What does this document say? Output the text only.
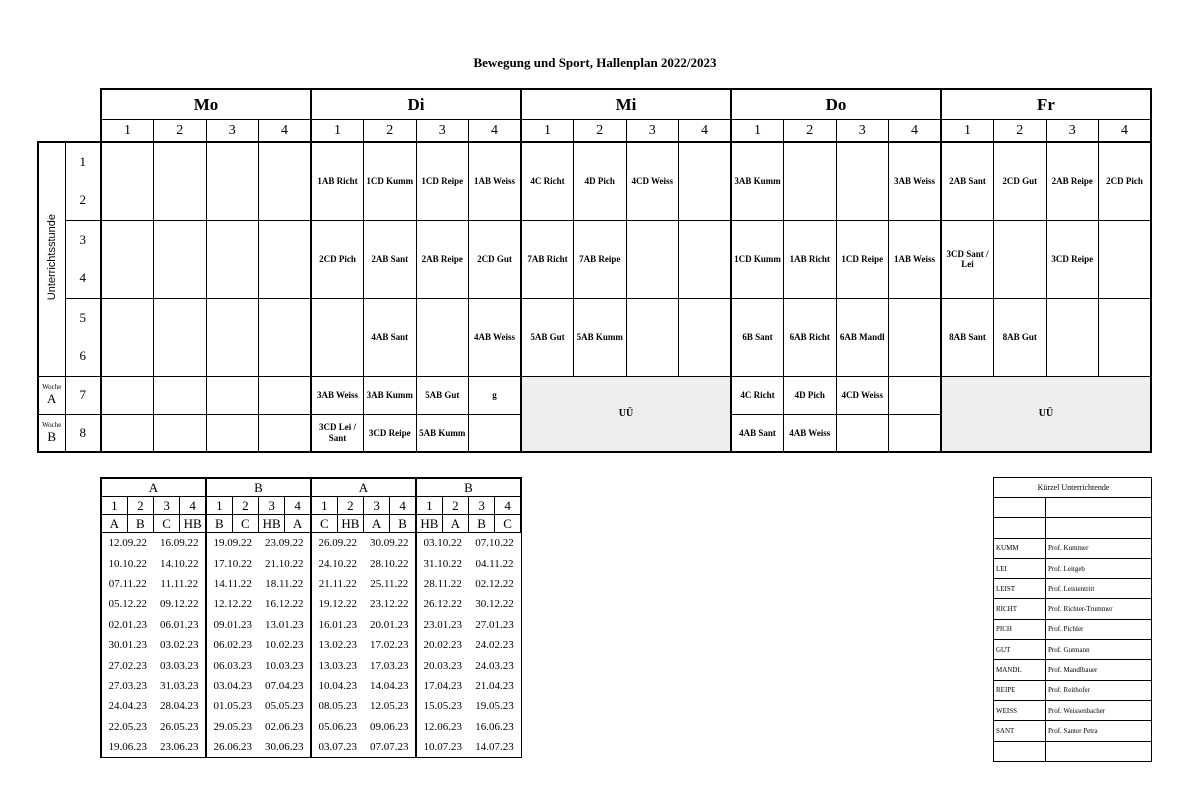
Bewegung und Sport, Hallenplan 2022/2023
		Mo				Di				Mi				Do				Fr			
		1	2	3	4	1	2	3	4	1	2	3	4	1	2	3	4	1	2	3	4
Unterrichtsstunde	1					1AB Richt	1CD Kumm	1CD Reipe	1AB Weiss	4C Richt	4D Pich	4CD Weiss		3AB Kumm			3AB Weiss	2AB Sant	2CD Gut	2AB Reipe	2CD Pich
	2																				
	3					2CD Pich	2AB Sant	2AB Reipe	2CD Gut	7AB Richt	7AB Reipe			1CD Kumm	1AB Richt	1CD Reipe	1AB Weiss	3CD Sant / Lei		3CD Reipe	
	4																				
	5						4AB Sant		4AB Weiss	5AB Gut	5AB Kumm			6B Sant	6AB Richt	6AB Mandl		8AB Sant	8AB Gut		
	6																				
Woche A	7					3AB Weiss	3AB Kumm	5AB Gut	g	UÜ				4C Richt	4D Pich	4CD Weiss		UÜ			
Woche B	8					3CD Lei / Sant	3CD Reipe	5AB Kumm						4AB Sant	4AB Weiss						
A				B				A				B			
1	2	3	4	1	2	3	4	1	2	3	4	1	2	3	4
A	B	C	HB	B	C	HB	A	C	HB	A	B	HB	A	B	C
12.09.22		16.09.22		19.09.22		23.09.22		26.09.22		30.09.22		03.10.22		07.10.22	
10.10.22		14.10.22		17.10.22		21.10.22		24.10.22		28.10.22		31.10.22		04.11.22	
07.11.22		11.11.22		14.11.22		18.11.22		21.11.22		25.11.22		28.11.22		02.12.22	
05.12.22		09.12.22		12.12.22		16.12.22		19.12.22		23.12.22		26.12.22		30.12.22	
02.01.23		06.01.23		09.01.23		13.01.23		16.01.23		20.01.23		23.01.23		27.01.23	
30.01.23		03.02.23		06.02.23		10.02.23		13.02.23		17.02.23		20.02.23		24.02.23	
27.02.23		03.03.23		06.03.23		10.03.23		13.03.23		17.03.23		20.03.23		24.03.23	
27.03.23		31.03.23		03.04.23		07.04.23		10.04.23		14.04.23		17.04.23		21.04.23	
24.04.23		28.04.23		01.05.23		05.05.23		08.05.23		12.05.23		15.05.23		19.05.23	
22.05.23		26.05.23		29.05.23		02.06.23		05.06.23		09.06.23		12.06.23		16.06.23	
19.06.23		23.06.23		26.06.23		30.06.23		03.07.23		07.07.23		10.07.23		14.07.23	
Kürzel Unterrichtende	

KUMM	Prof. Kummer
LEI	Prof. Leitgeb
LEIST	Prof. Leistentritt
RICHT	Prof. Richter-Trummer
PICH	Prof. Pichler
GUT	Prof. Gutmann
MANDL	Prof. Mandlbauer
REIPE	Prof. Reithofer
WEISS	Prof. Weissenbacher
SANT	Prof. Santer Petra
